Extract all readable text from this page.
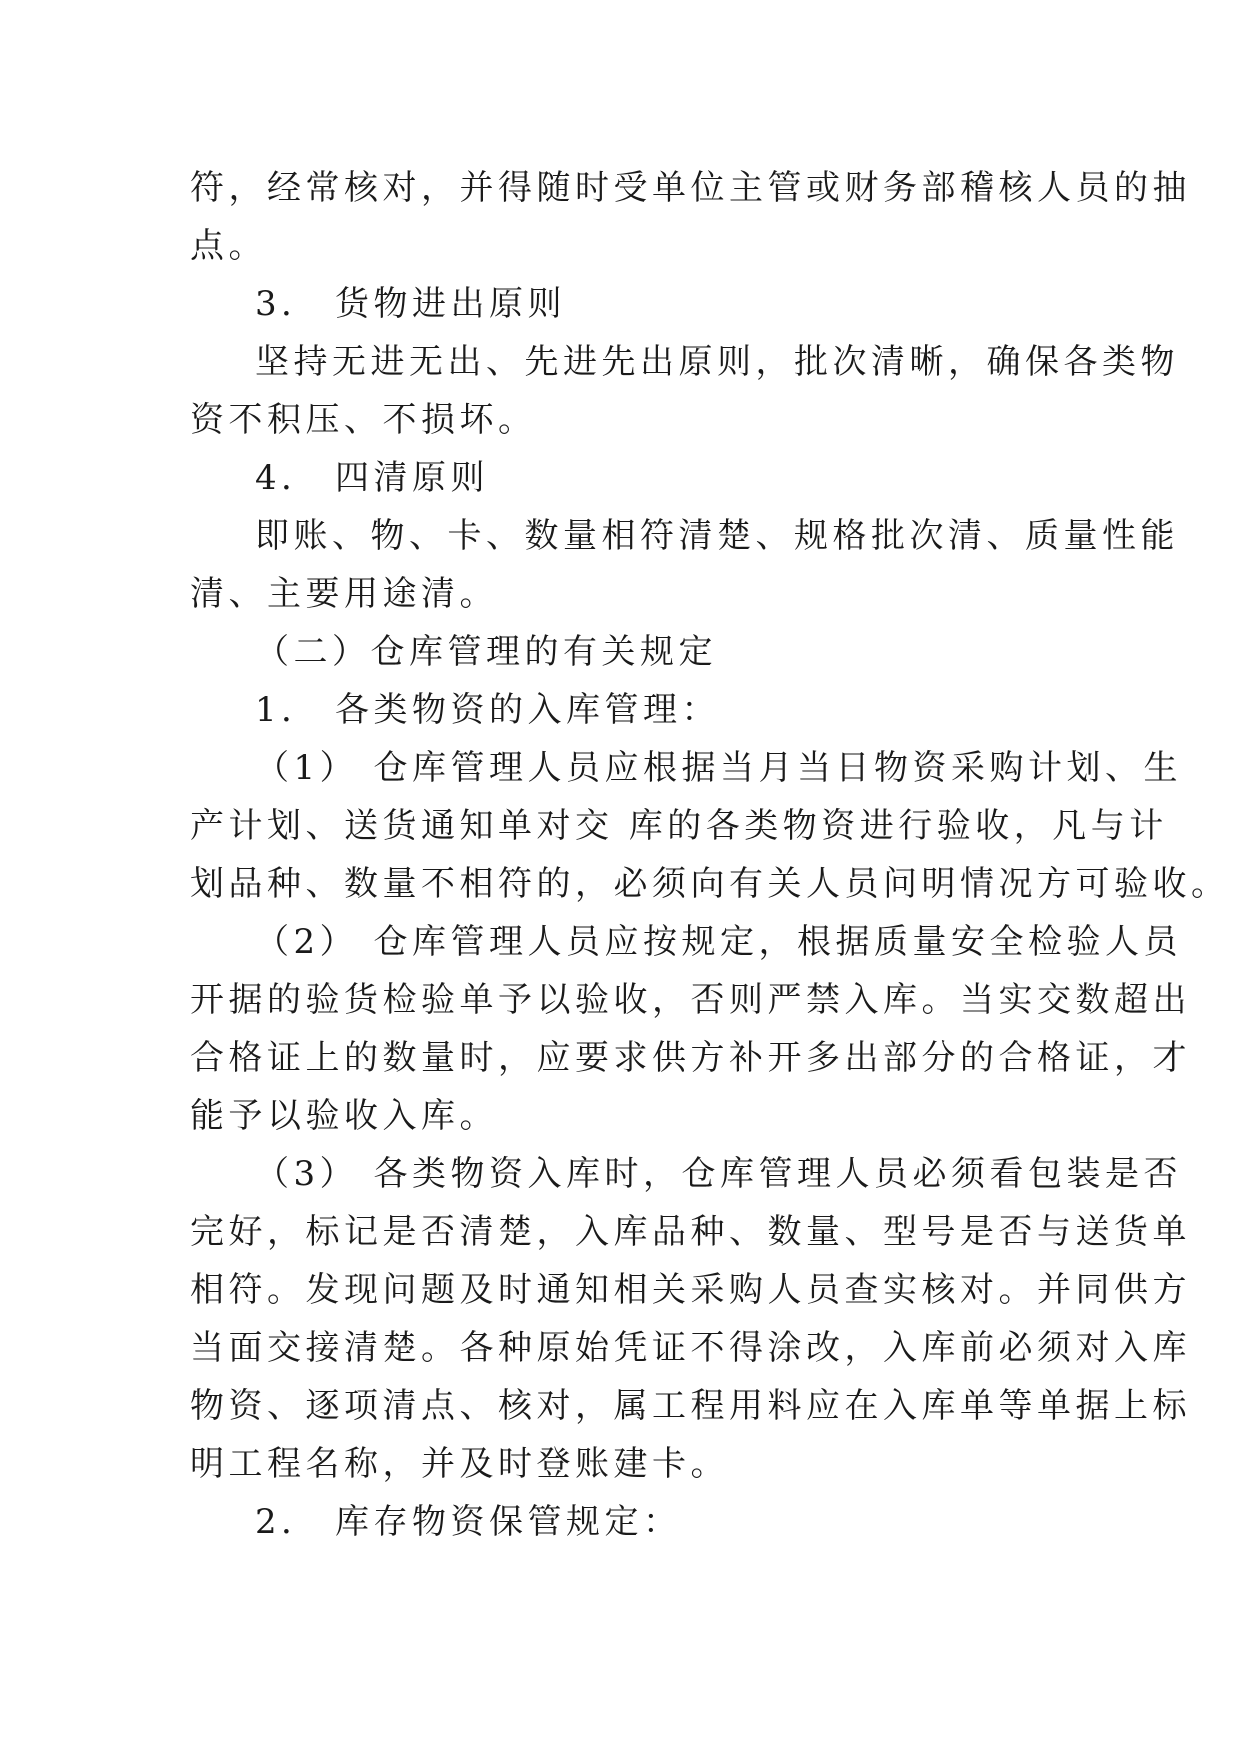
符，经常核对，并得随时受单位主管或财务部稽核人员的抽
点。
3． 货物进出原则
坚持无进无出、先进先出原则，批次清晰，确保各类物
资不积压、不损坏。
4． 四清原则
即账、物、卡、数量相符清楚、规格批次清、质量性能
清、主要用途清。
（二）仓库管理的有关规定
1． 各类物资的入库管理：
（1） 仓库管理人员应根据当月当日物资采购计划、生
产计划、送货通知单对交 库的各类物资进行验收，凡与计
划品种、数量不相符的，必须向有关人员问明情况方可验收。
（2） 仓库管理人员应按规定，根据质量安全检验人员
开据的验货检验单予以验收，否则严禁入库。当实交数超出
合格证上的数量时，应要求供方补开多出部分的合格证，才
能予以验收入库。
（3） 各类物资入库时，仓库管理人员必须看包装是否
完好，标记是否清楚，入库品种、数量、型号是否与送货单
相符。发现问题及时通知相关采购人员查实核对。并同供方
当面交接清楚。各种原始凭证不得涂改，入库前必须对入库
物资、逐项清点、核对，属工程用料应在入库单等单据上标
明工程名称，并及时登账建卡。
2． 库存物资保管规定：
